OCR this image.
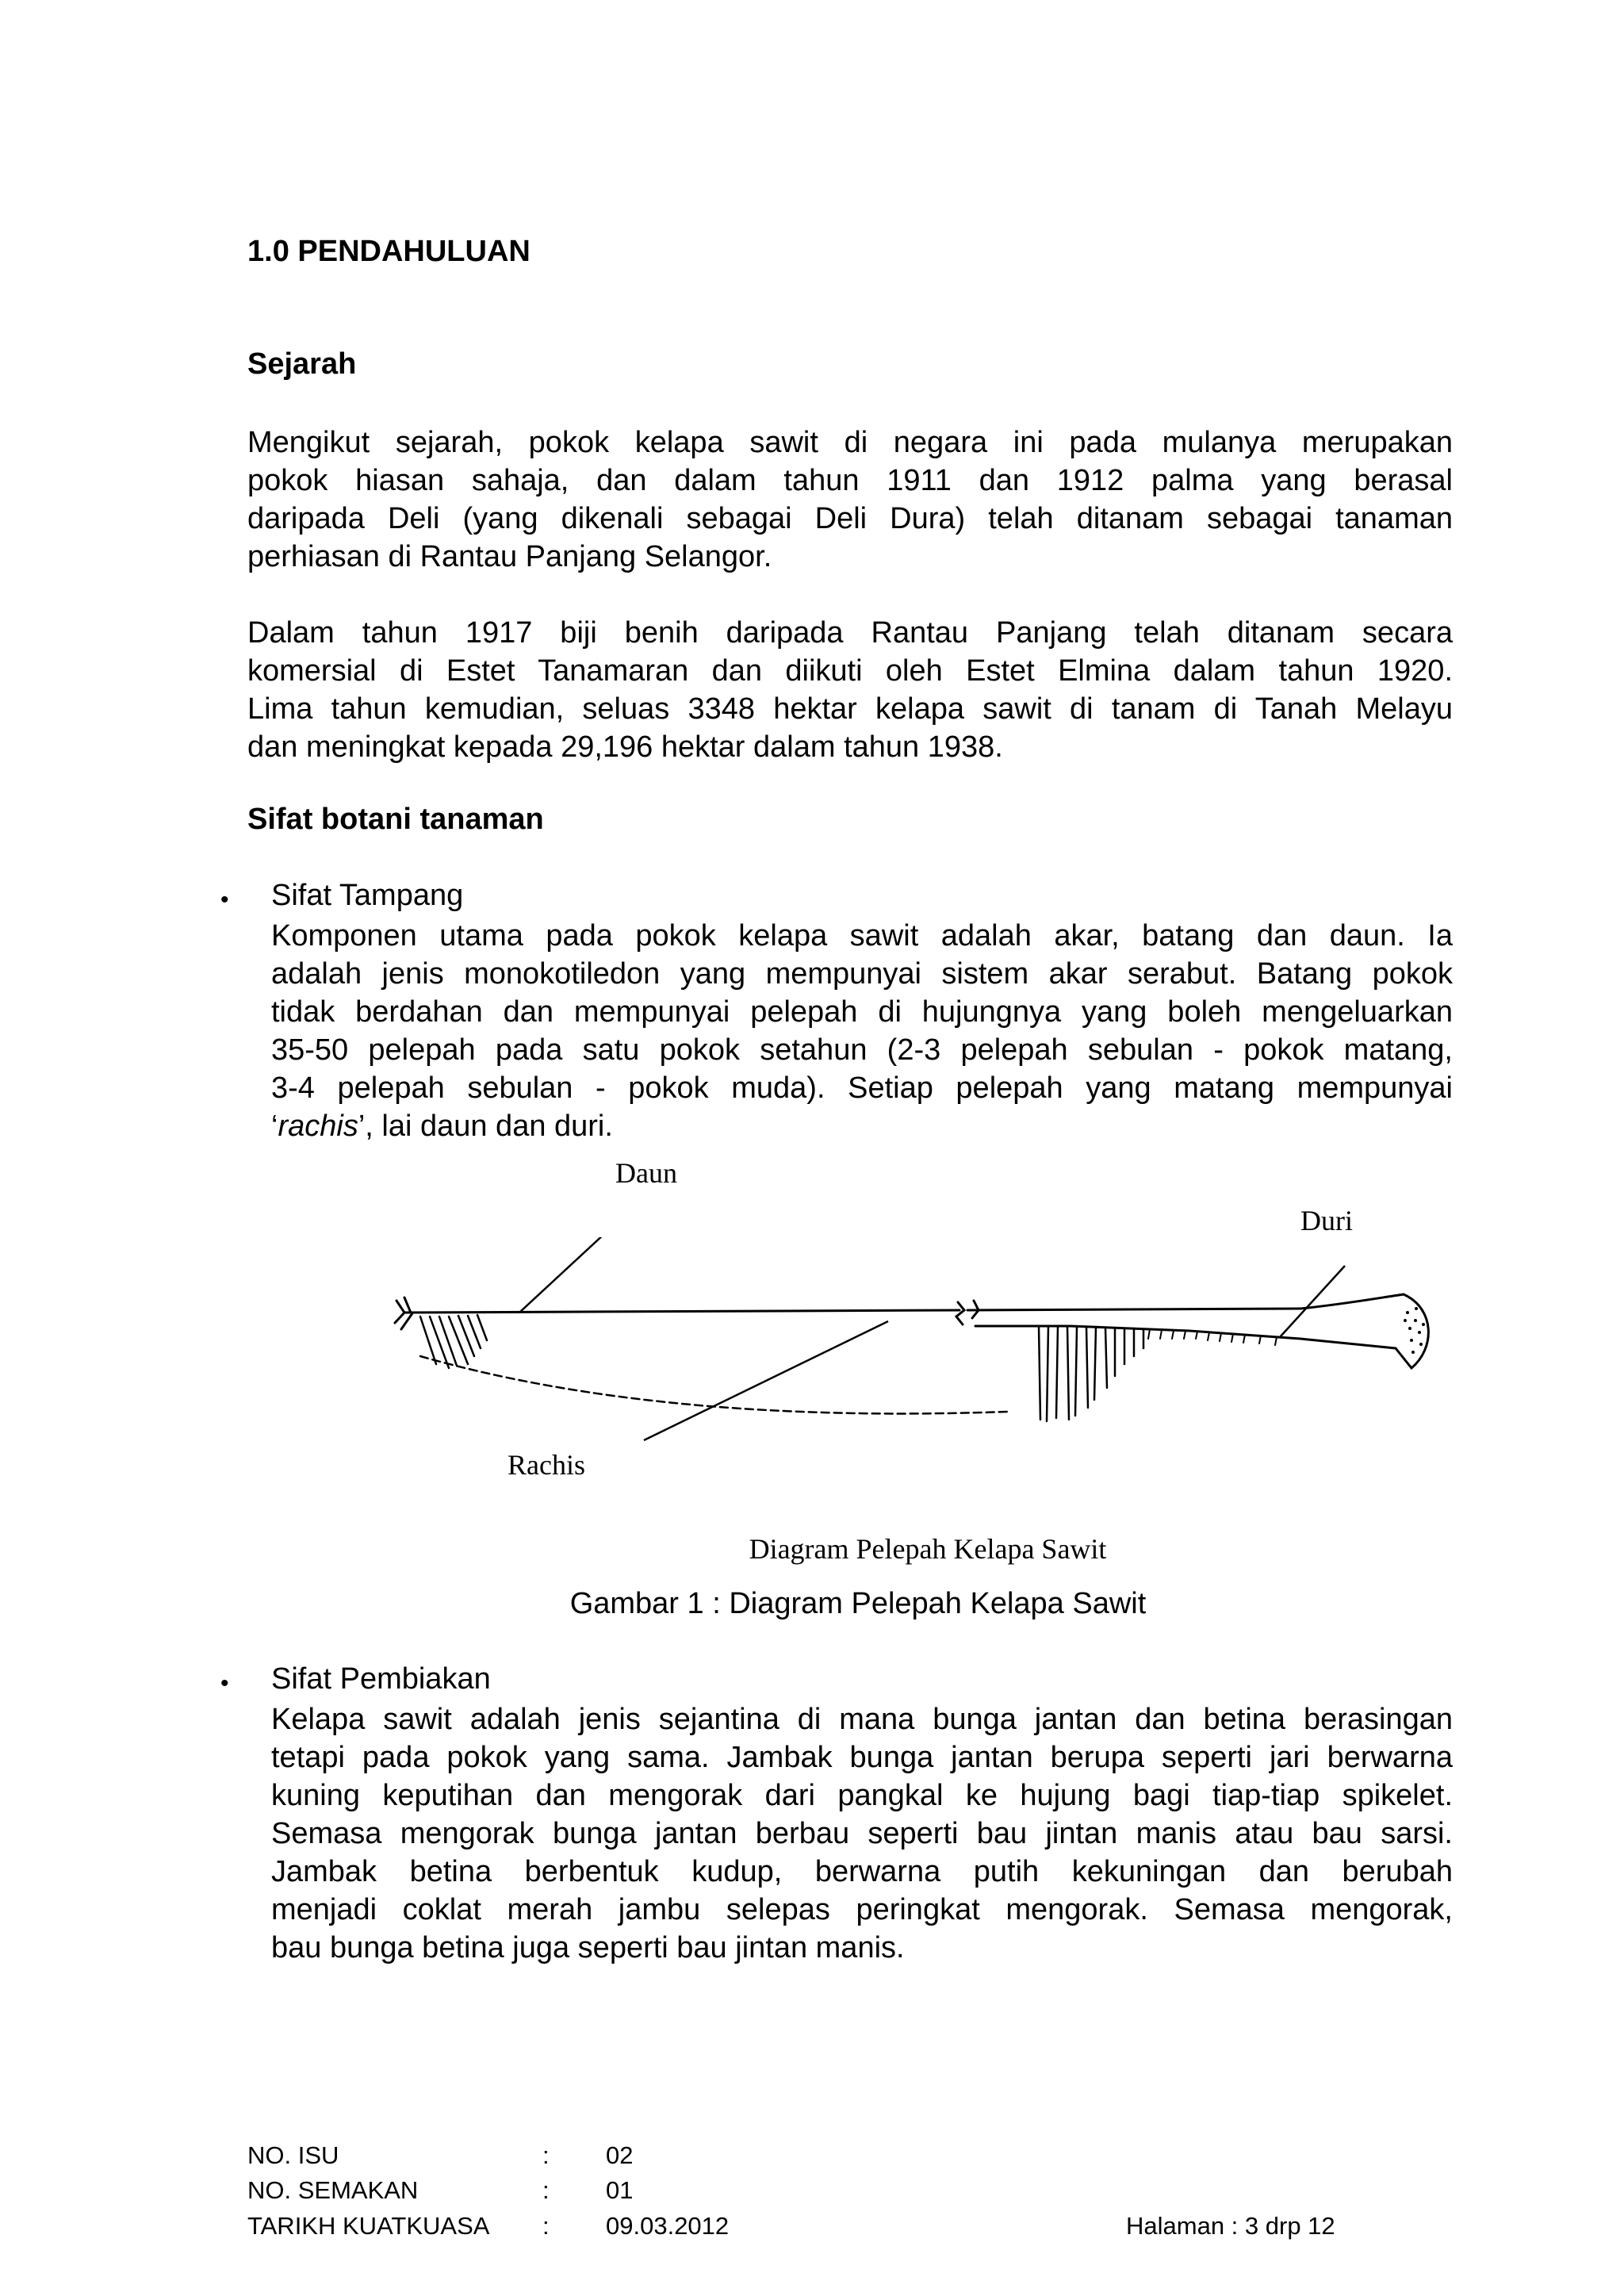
1.0 PENDAHULUAN
Sejarah
Mengikut sejarah, pokok kelapa sawit di negara ini pada mulanya merupakan
pokok hiasan sahaja, dan dalam tahun 1911 dan 1912 palma yang berasal
daripada Deli (yang dikenali sebagai Deli Dura) telah ditanam sebagai tanaman
perhiasan di Rantau Panjang Selangor.
Dalam tahun 1917 biji benih daripada Rantau Panjang telah ditanam secara
komersial di Estet Tanamaran dan diikuti oleh Estet Elmina dalam tahun 1920.
Lima tahun kemudian, seluas 3348 hektar kelapa sawit di tanam di Tanah Melayu
dan meningkat kepada 29,196 hektar dalam tahun 1938.
Sifat botani tanaman
• Sifat Tampang
Komponen utama pada pokok kelapa sawit adalah akar, batang dan daun. Ia
adalah jenis monokotiledon yang mempunyai sistem akar serabut. Batang pokok
tidak berdahan dan mempunyai pelepah di hujungnya yang boleh mengeluarkan
35-50 pelepah pada satu pokok setahun (2-3 pelepah sebulan - pokok matang,
3-4 pelepah sebulan - pokok muda). Setiap pelepah yang matang mempunyai
‘rachis’, lai daun dan duri.
Daun
Duri
Rachis
Diagram Pelepah Kelapa Sawit
Gambar 1 : Diagram Pelepah Kelapa Sawit
• Sifat Pembiakan
Kelapa sawit adalah jenis sejantina di mana bunga jantan dan betina berasingan
tetapi pada pokok yang sama. Jambak bunga jantan berupa seperti jari berwarna
kuning keputihan dan mengorak dari pangkal ke hujung bagi tiap-tiap spikelet.
Semasa mengorak bunga jantan berbau seperti bau jintan manis atau bau sarsi.
Jambak betina berbentuk kudup, berwarna putih kekuningan dan berubah
menjadi coklat merah jambu selepas peringkat mengorak. Semasa mengorak,
bau bunga betina juga seperti bau jintan manis.
NO. ISU	: 02
NO. SEMAKAN	: 01
TARIKH KUATKUASA : 09.03.2012	Halaman : 3 drp 12
